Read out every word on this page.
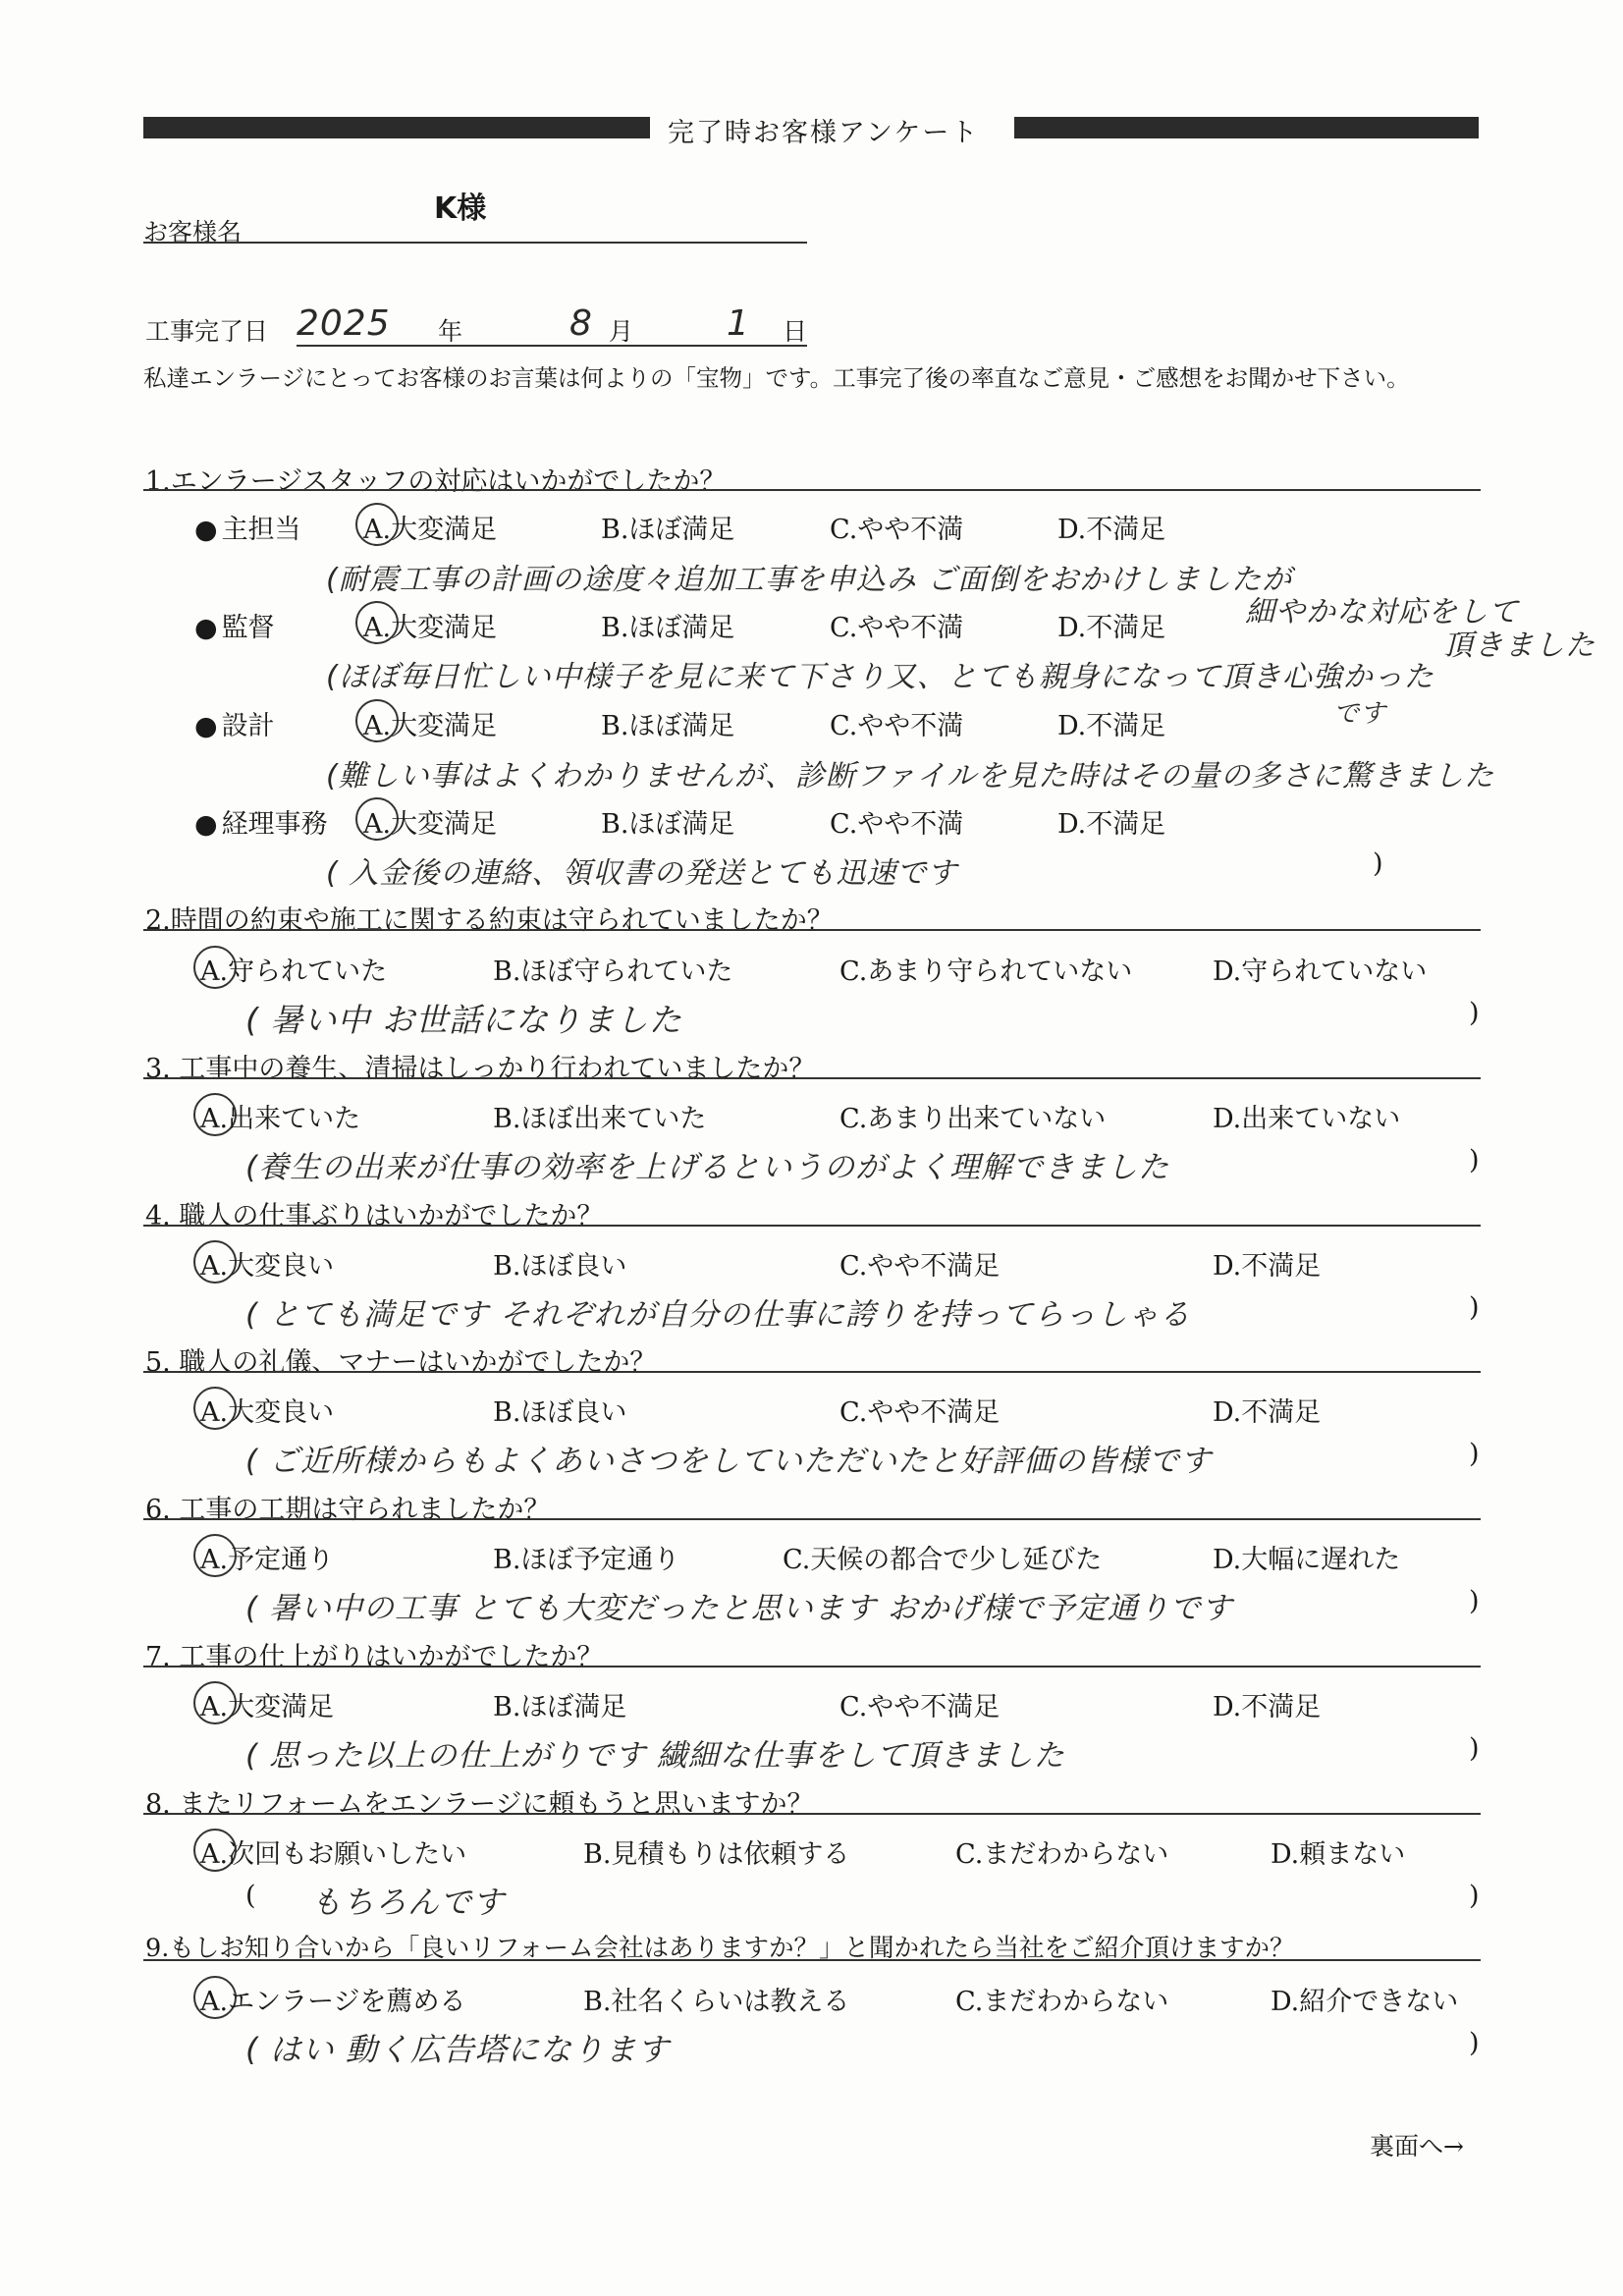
完了時お客様アンケート
お客様名
K様
工事完了日 2025 年	8 月	1 日
私達エンラージにとってお客様のお言葉は何よりの「宝物」です。工事完了後の率直なご意見・ご感想をお聞かせ下さい。
1.エンラージスタッフの対応はいかがでしたか？
● 主担当 A.大変満足	B.ほぼ満足	C.やや不満	D.不満足
(耐震工事の計画の途度々追加工事を申込み ご面倒をおかけしましたが
細やかな対応をして
頂きました
● 監督	A.大変満足	B.ほぼ満足	C.やや不満	D.不満足
(ほぼ毎日忙しい中様子を見に来て下さり又、とても親身になって頂き心強かった
です
● 設計	A.大変満足	B.ほぼ満足	C.やや不満	D.不満足
(難しい事はよくわかりませんが、診断ファイルを見た時はその量の多さに驚きました
● 経理事務 A.大変満足	B.ほぼ満足	C.やや不満	D.不満足
( 入金後の連絡、領収書の発送とても迅速です	)
2.時間の約束や施工に関する約束は守られていましたか？
A.守られていた	B.ほぼ守られていた	C.あまり守られていない	D.守られていない
( 暑い中 お世話になりました	)
3. 工事中の養生、清掃はしっかり行われていましたか？
A.出来ていた	B.ほぼ出来ていた	C.あまり出来ていない	D.出来ていない
(養生の出来が仕事の効率を上げるというのがよく理解できました	)
4. 職人の仕事ぶりはいかがでしたか？
A.大変良い	B.ほぼ良い	C.やや不満足	D.不満足
( とても満足です それぞれが自分の仕事に誇りを持ってらっしゃる	)
5. 職人の礼儀、マナーはいかがでしたか？
A.大変良い	B.ほぼ良い	C.やや不満足	D.不満足
( ご近所様からもよくあいさつをしていただいたと好評価の皆様です	)
6. 工事の工期は守られましたか？
A.予定通り	B.ほぼ予定通り	C.天候の都合で少し延びた	D.大幅に遅れた
( 暑い中の工事 とても大変だったと思います おかげ様で予定通りです	)
7. 工事の仕上がりはいかがでしたか？
A.大変満足	B.ほぼ満足	C.やや不満足	D.不満足
( 思った以上の仕上がりです 繊細な仕事をして頂きました	)
8. またリフォームをエンラージに頼もうと思いますか？
A.次回もお願いしたい	B.見積もりは依頼する	C.まだわからない	D.頼まない
( もちろんです	)
9.もしお知り合いから「良いリフォーム会社はありますか？」と聞かれたら当社をご紹介頂けますか？
A.エンラージを薦める	B.社名くらいは教える	C.まだわからない	D.紹介できない
( はい 動く広告塔になります	)
裏面へ→
